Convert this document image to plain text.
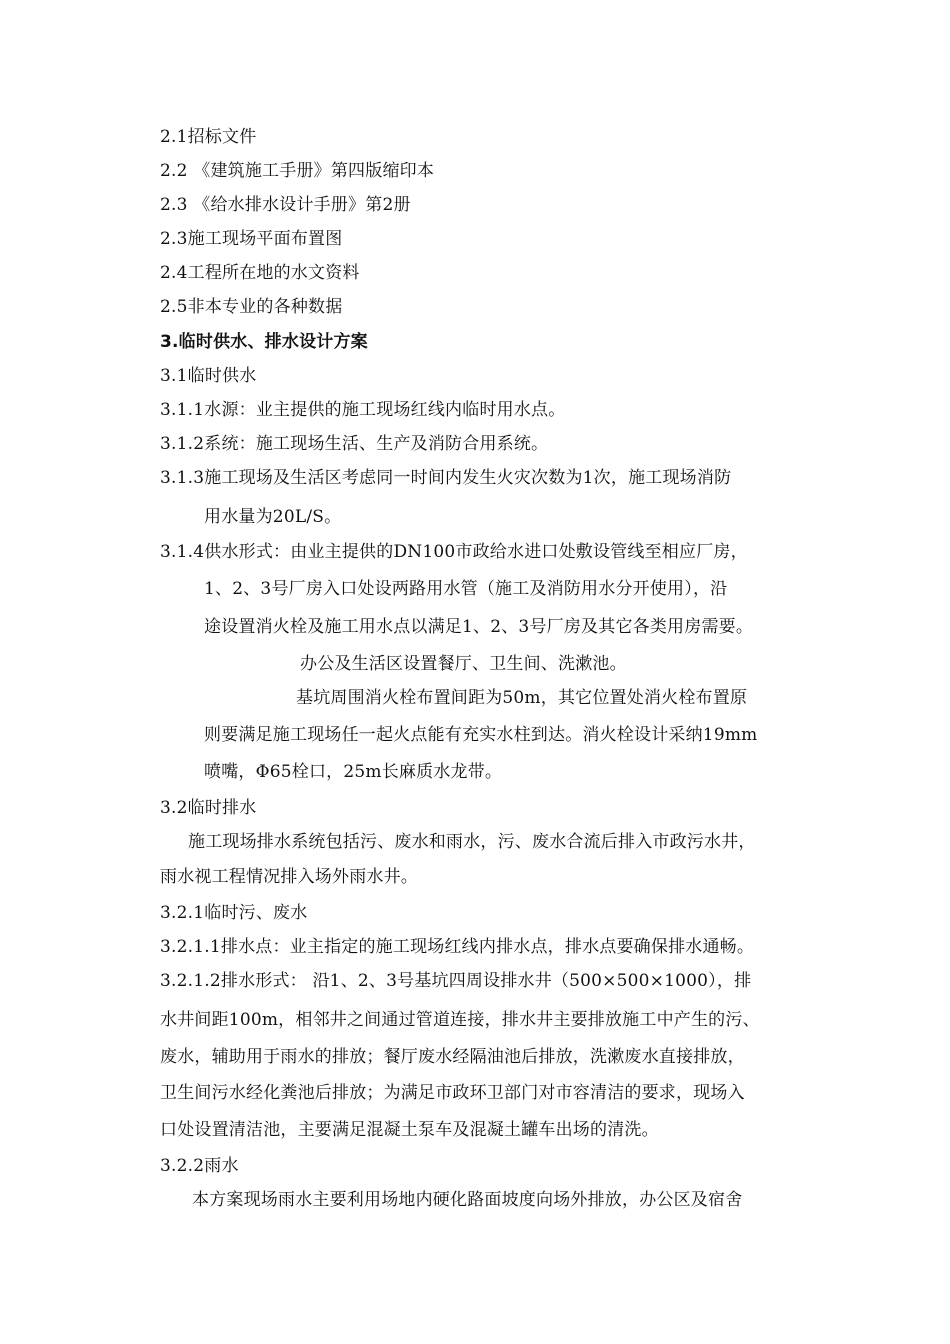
2.1招标文件
2.2 《建筑施工手册》第四版缩印本
2.3 《给水排水设计手册》第2册
2.3施工现场平面布置图
2.4工程所在地的水文资料
2.5非本专业的各种数据
3.临时供水、排水设计方案
3.1临时供水
3.1.1水源：业主提供的施工现场红线内临时用水点。
3.1.2系统：施工现场生活、生产及消防合用系统。
3.1.3施工现场及生活区考虑同一时间内发生火灾次数为1次，施工现场消防
用水量为20L/S。
3.1.4供水形式：由业主提供的DN100市政给水进口处敷设管线至相应厂房，
1、2、3号厂房入口处设两路用水管（施工及消防用水分开使用），沿
途设置消火栓及施工用水点以满足1、2、3号厂房及其它各类用房需要。
办公及生活区设置餐厅、卫生间、洗漱池。
基坑周围消火栓布置间距为50m，其它位置处消火栓布置原
则要满足施工现场任一起火点能有充实水柱到达。消火栓设计采纳19mm
喷嘴，Φ65栓口，25m长麻质水龙带。
3.2临时排水
施工现场排水系统包括污、废水和雨水，污、废水合流后排入市政污水井，
雨水视工程情况排入场外雨水井。
3.2.1临时污、废水
3.2.1.1排水点：业主指定的施工现场红线内排水点，排水点要确保排水通畅。
3.2.1.2排水形式： 沿1、2、3号基坑四周设排水井（500×500×1000），排
水井间距100m，相邻井之间通过管道连接，排水井主要排放施工中产生的污、
废水，辅助用于雨水的排放；餐厅废水经隔油池后排放，洗漱废水直接排放，
卫生间污水经化粪池后排放；为满足市政环卫部门对市容清洁的要求，现场入
口处设置清洁池，主要满足混凝土泵车及混凝土罐车出场的清洗。
3.2.2雨水
本方案现场雨水主要利用场地内硬化路面坡度向场外排放，办公区及宿舍
